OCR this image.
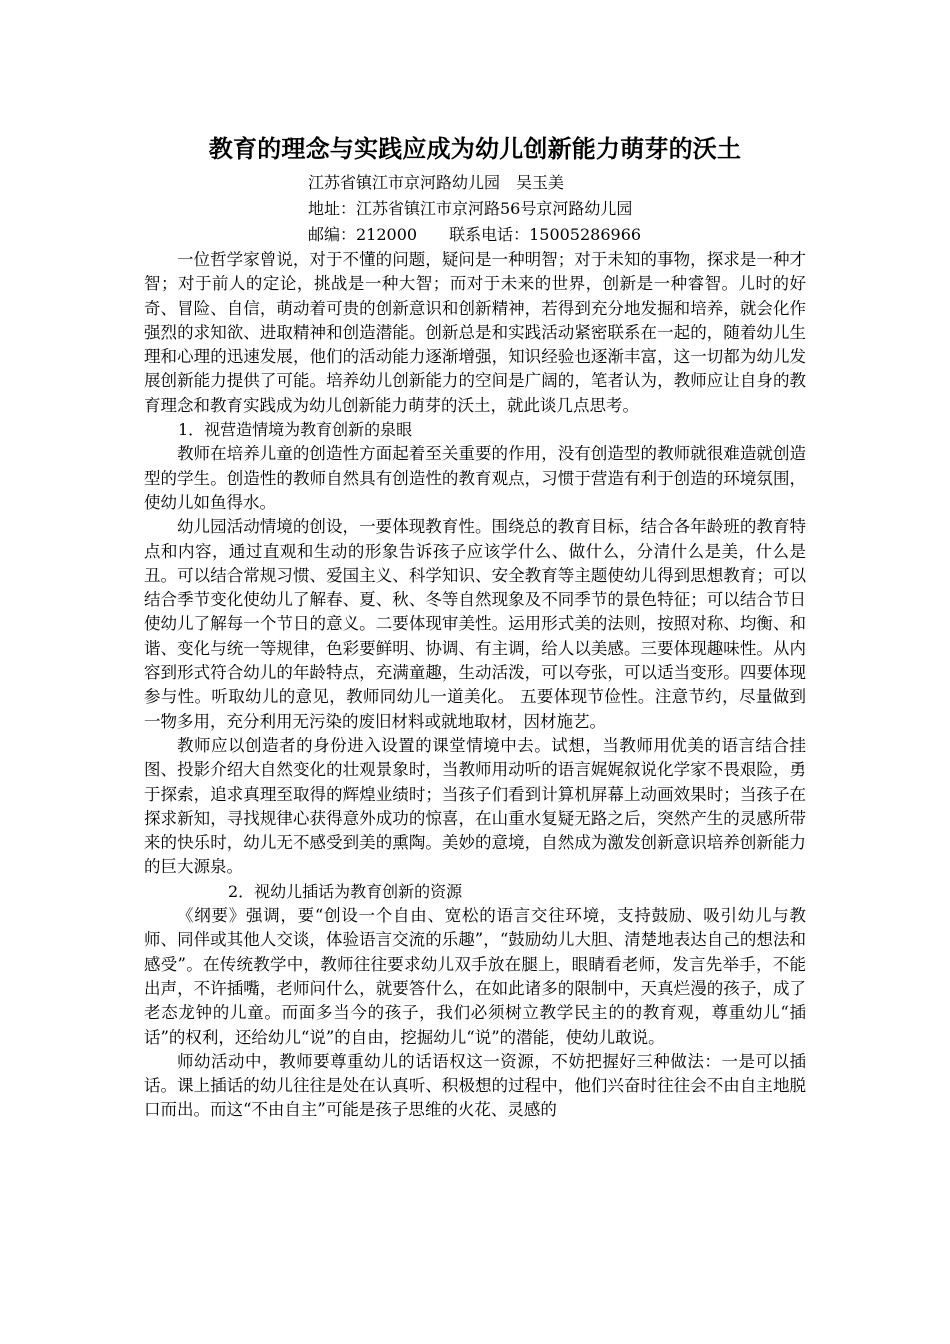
教育的理念与实践应成为幼儿创新能力萌芽的沃土

江苏省镇江市京河路幼儿园　吴玉美

地址：江苏省镇江市京河路56号京河路幼儿园

邮编：212000　　联系电话：15005286966

一位哲学家曾说，对于不懂的问题，疑问是一种明智；对于未知的事物，探求是一种才智；对于前人的定论，挑战是一种大智；而对于未来的世界，创新是一种睿智。儿时的好奇、冒险、自信，萌动着可贵的创新意识和创新精神，若得到充分地发掘和培养，就会化作强烈的求知欲、进取精神和创造潜能。创新总是和实践活动紧密联系在一起的，随着幼儿生理和心理的迅速发展，他们的活动能力逐渐增强，知识经验也逐渐丰富，这一切都为幼儿发展创新能力提供了可能。培养幼儿创新能力的空间是广阔的，笔者认为，教师应让自身的教育理念和教育实践成为幼儿创新能力萌芽的沃土，就此谈几点思考。

1．视营造情境为教育创新的泉眼

教师在培养儿童的创造性方面起着至关重要的作用，没有创造型的教师就很难造就创造型的学生。创造性的教师自然具有创造性的教育观点，习惯于营造有利于创造的环境氛围，使幼儿如鱼得水。

幼儿园活动情境的创设，一要体现教育性。围绕总的教育目标，结合各年龄班的教育特点和内容，通过直观和生动的形象告诉孩子应该学什么、做什么，分清什么是美，什么是丑。可以结合常规习惯、爱国主义、科学知识、安全教育等主题使幼儿得到思想教育；可以结合季节变化使幼儿了解春、夏、秋、冬等自然现象及不同季节的景色特征；可以结合节日使幼儿了解每一个节日的意义。二要体现审美性。运用形式美的法则，按照对称、均衡、和谐、变化与统一等规律，色彩要鲜明、协调、有主调，给人以美感。三要体现趣味性。从内容到形式符合幼儿的年龄特点，充满童趣，生动活泼，可以夸张，可以适当变形。四要体现参与性。听取幼儿的意见，教师同幼儿一道美化。 五要体现节俭性。注意节约，尽量做到一物多用，充分利用无污染的废旧材料或就地取材，因材施艺。

教师应以创造者的身份进入设置的课堂情境中去。试想，当教师用优美的语言结合挂图、投影介绍大自然变化的壮观景象时，当教师用动听的语言娓娓叙说化学家不畏艰险，勇于探索，追求真理至取得的辉煌业绩时；当孩子们看到计算机屏幕上动画效果时；当孩子在探求新知，寻找规律心获得意外成功的惊喜，在山重水复疑无路之后，突然产生的灵感所带来的快乐时，幼儿无不感受到美的熏陶。美妙的意境，自然成为激发创新意识培养创新能力的巨大源泉。

2．视幼儿插话为教育创新的资源

《纲要》强调，要“创设一个自由、宽松的语言交往环境，支持鼓励、吸引幼儿与教师、同伴或其他人交谈，体验语言交流的乐趣”，“鼓励幼儿大胆、清楚地表达自己的想法和感受”。在传统教学中，教师往往要求幼儿双手放在腿上，眼睛看老师，发言先举手，不能出声，不许插嘴，老师问什么，就要答什么，在如此诸多的限制中，天真烂漫的孩子，成了老态龙钟的儿童。而面多当今的孩子，我们必须树立教学民主的的教育观，尊重幼儿“插话”的权利，还给幼儿“说”的自由，挖掘幼儿“说”的潜能，使幼儿敢说。

师幼活动中，教师要尊重幼儿的话语权这一资源，不妨把握好三种做法：一是可以插话。课上插话的幼儿往往是处在认真听、积极想的过程中，他们兴奋时往往会不由自主地脱口而出。而这“不由自主”可能是孩子思维的火花、灵感的
